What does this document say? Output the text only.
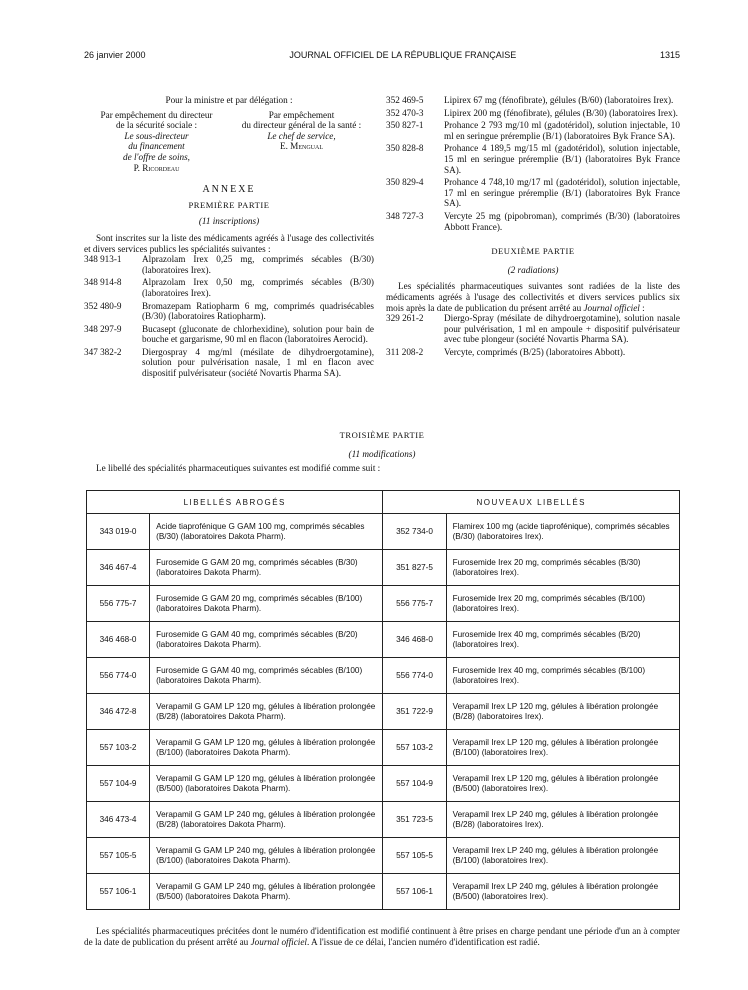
26 janvier 2000	JOURNAL OFFICIEL DE LA RÉPUBLIQUE FRANÇAISE	1315
Pour la ministre et par délégation :
Par empêchement du directeur
de la sécurité sociale :
Le sous-directeur
du financement
de l'offre de soins,
P. Ricordeau
Par empêchement
du directeur général de la santé :
Le chef de service,
E. Mengual
ANNEXE
PREMIÈRE PARTIE
(11 inscriptions)

Sont inscrites sur la liste des médicaments agréés à l'usage des collectivités et divers services publics les spécialités suivantes :

348 913-1	Alprazolam Irex 0,25 mg, comprimés sécables (B/30) (laboratoires Irex).
348 914-8	Alprazolam Irex 0,50 mg, comprimés sécables (B/30) (laboratoires Irex).
352 480-9	Bromazepam Ratiopharm 6 mg, comprimés quadrisécables (B/30) (laboratoires Ratiopharm).
348 297-9	Bucasept (gluconate de chlorhexidine), solution pour bain de bouche et gargarisme, 90 ml en flacon (laboratoires Aerocid).
347 382-2	Diergospray 4 mg/ml (mésilate de dihydroergotamine), solution pour pulvérisation nasale, 1 ml en flacon avec dispositif pulvérisateur (société Novartis Pharma SA).
352 469-5	Lipirex 67 mg (fénofibrate), gélules (B/60) (laboratoires Irex).
352 470-3	Lipirex 200 mg (fénofibrate), gélules (B/30) (laboratoires Irex).
350 827-1	Prohance 2 793 mg/10 ml (gadotéridol), solution injectable, 10 ml en seringue préremplie (B/1) (laboratoires Byk France SA).
350 828-8	Prohance 4 189,5 mg/15 ml (gadotéridol), solution injectable, 15 ml en seringue préremplie (B/1) (laboratoires Byk France SA).
350 829-4	Prohance 4 748,10 mg/17 ml (gadotéridol), solution injectable, 17 ml en seringue préremplie (B/1) (laboratoires Byk France SA).
348 727-3	Vercyte 25 mg (pipobroman), comprimés (B/30) (laboratoires Abbott France).
DEUXIÈME PARTIE
(2 radiations)

Les spécialités pharmaceutiques suivantes sont radiées de la liste des médicaments agréés à l'usage des collectivités et divers services publics six mois après la date de publication du présent arrêté au Journal officiel :

329 261-2	Diergo-Spray (mésilate de dihydroergotamine), solution nasale pour pulvérisation, 1 ml en ampoule + dispositif pulvérisateur avec tube plongeur (société Novartis Pharma SA).
311 208-2	Vercyte, comprimés (B/25) (laboratoires Abbott).
TROISIÈME PARTIE
(11 modifications)
Le libellé des spécialités pharmaceutiques suivantes est modifié comme suit :
LIBELLÉS ABROGÉS		NOUVEAUX LIBELLÉS	
343 019-0	Acide tiaprofénique G GAM 100 mg, comprimés sécables (B/30) (laboratoires Dakota Pharm).	352 734-0	Flamirex 100 mg (acide tiaprofénique), comprimés sécables (B/30) (laboratoires Irex).
346 467-4	Furosemide G GAM 20 mg, comprimés sécables (B/30) (laboratoires Dakota Pharm).	351 827-5	Furosemide Irex 20 mg, comprimés sécables (B/30) (laboratoires Irex).
556 775-7	Furosemide G GAM 20 mg, comprimés sécables (B/100) (laboratoires Dakota Pharm).	556 775-7	Furosemide Irex 20 mg, comprimés sécables (B/100) (laboratoires Irex).
346 468-0	Furosemide G GAM 40 mg, comprimés sécables (B/20) (laboratoires Dakota Pharm).	346 468-0	Furosemide Irex 40 mg, comprimés sécables (B/20) (laboratoires Irex).
556 774-0	Furosemide G GAM 40 mg, comprimés sécables (B/100) (laboratoires Dakota Pharm).	556 774-0	Furosemide Irex 40 mg, comprimés sécables (B/100) (laboratoires Irex).
346 472-8	Verapamil G GAM LP 120 mg, gélules à libération prolongée (B/28) (laboratoires Dakota Pharm).	351 722-9	Verapamil Irex LP 120 mg, gélules à libération prolongée (B/28) (laboratoires Irex).
557 103-2	Verapamil G GAM LP 120 mg, gélules à libération prolongée (B/100) (laboratoires Dakota Pharm).	557 103-2	Verapamil Irex LP 120 mg, gélules à libération prolongée (B/100) (laboratoires Irex).
557 104-9	Verapamil G GAM LP 120 mg, gélules à libération prolongée (B/500) (laboratoires Dakota Pharm).	557 104-9	Verapamil Irex LP 120 mg, gélules à libération prolongée (B/500) (laboratoires Irex).
346 473-4	Verapamil G GAM LP 240 mg, gélules à libération prolongée (B/28) (laboratoires Dakota Pharm).	351 723-5	Verapamil Irex LP 240 mg, gélules à libération prolongée (B/28) (laboratoires Irex).
557 105-5	Verapamil G GAM LP 240 mg, gélules à libération prolongée (B/100) (laboratoires Dakota Pharm).	557 105-5	Verapamil Irex LP 240 mg, gélules à libération prolongée (B/100) (laboratoires Irex).
557 106-1	Verapamil G GAM LP 240 mg, gélules à libération prolongée (B/500) (laboratoires Dakota Pharm).	557 106-1	Verapamil Irex LP 240 mg, gélules à libération prolongée (B/500) (laboratoires Irex).
Les spécialités pharmaceutiques précitées dont le numéro d'identification est modifié continuent à être prises en charge pendant une période d'un an à compter de la date de publication du présent arrêté au Journal officiel. A l'issue de ce délai, l'ancien numéro d'identification est radié.
